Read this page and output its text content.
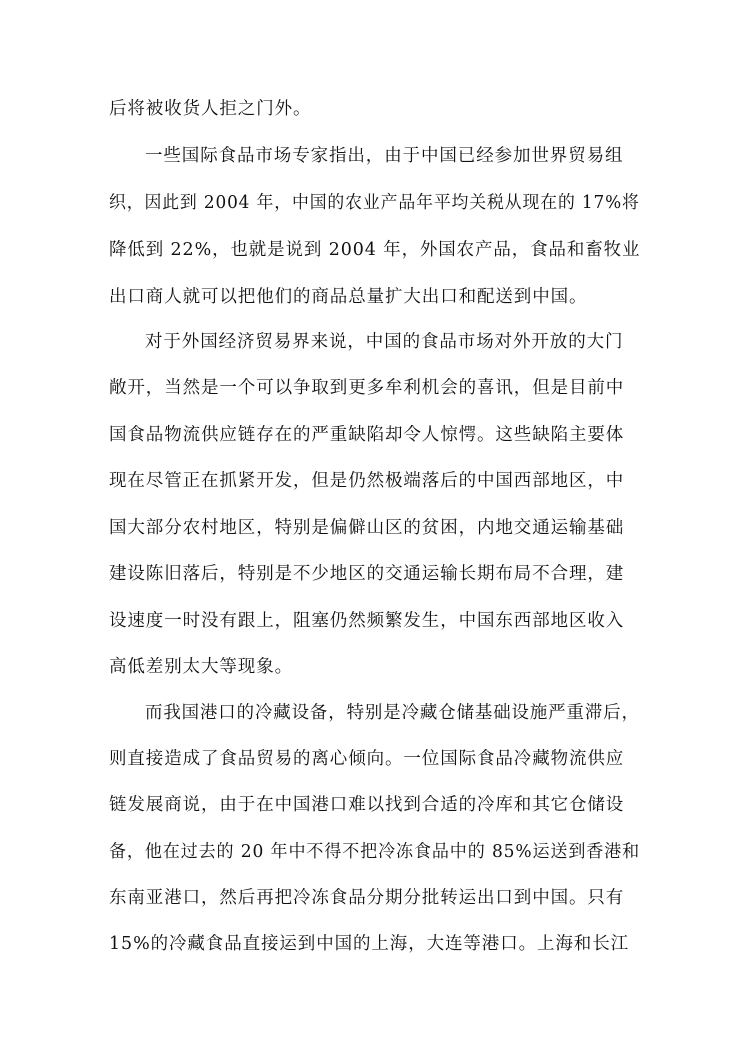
后将被收货人拒之门外。
一些国际食品市场专家指出，由于中国已经参加世界贸易组
织，因此到 2004 年，中国的农业产品年平均关税从现在的 17%将
降低到 22%，也就是说到 2004 年，外国农产品，食品和畜牧业
出口商人就可以把他们的商品总量扩大出口和配送到中国。
对于外国经济贸易界来说，中国的食品市场对外开放的大门
敞开，当然是一个可以争取到更多牟利机会的喜讯，但是目前中
国食品物流供应链存在的严重缺陷却令人惊愕。这些缺陷主要体
现在尽管正在抓紧开发，但是仍然极端落后的中国西部地区，中
国大部分农村地区，特别是偏僻山区的贫困，内地交通运输基础
建设陈旧落后，特别是不少地区的交通运输长期布局不合理，建
设速度一时没有跟上，阻塞仍然频繁发生，中国东西部地区收入
高低差别太大等现象。
而我国港口的冷藏设备，特别是冷藏仓储基础设施严重滞后，
则直接造成了食品贸易的离心倾向。一位国际食品冷藏物流供应
链发展商说，由于在中国港口难以找到合适的冷库和其它仓储设
备，他在过去的 20 年中不得不把冷冻食品中的 85%运送到香港和
东南亚港口，然后再把冷冻食品分期分批转运出口到中国。只有
15%的冷藏食品直接运到中国的上海，大连等港口。上海和长江
